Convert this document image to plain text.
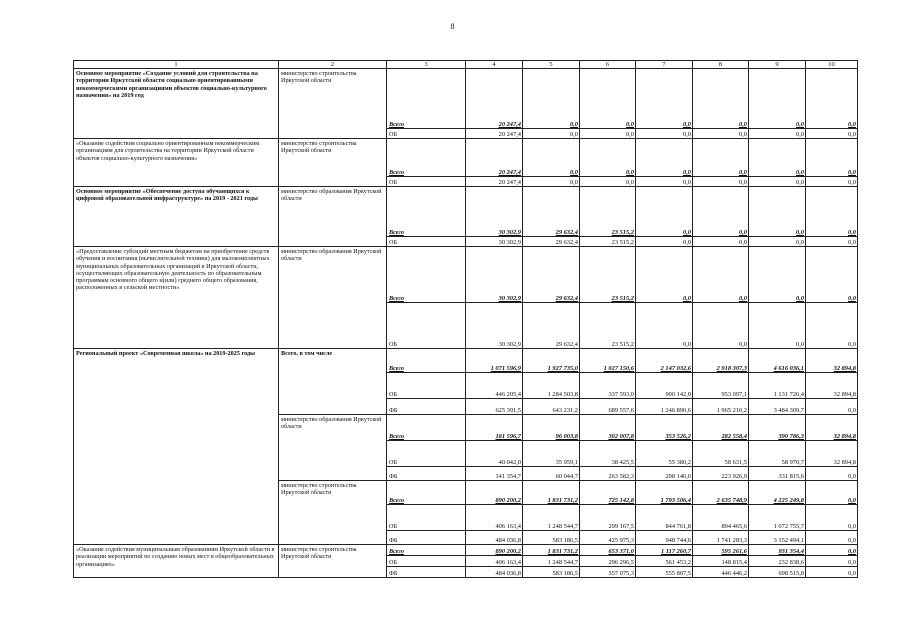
8
1	2	3	4	5	6	7	8	9	10
Основное мероприятие «Создание условий для строительства на территории Иркутской области социально ориентированными некоммерческими организациями объектов социально-культурного назначения» на 2019 год	министерство строительства Иркутской области	Всего	20 247,4	0,0	0,0	0,0	0,0	0,0	0,0
		ОБ	20 247,4	0,0	0,0	0,0	0,0	0,0	0,0
«Оказание содействия социально ориентированным некоммерческим организациям для строительства на территории Иркутской области объектов социально-культурного назначения»	министерство строительства Иркутской области	Всего	20 247,4	0,0	0,0	0,0	0,0	0,0	0,0
		ОБ	20 247,4	0,0	0,0	0,0	0,0	0,0	0,0
Основное мероприятие «Обеспечение доступа обучающихся к цифровой образовательной инфраструктуре» на 2019 - 2021 годы	министерство образования Иркутской области	Всего	30 302,9	29 632,4	23 515,2	0,0	0,0	0,0	0,0
		ОБ	30 302,9	29 632,4	23 515,2	0,0	0,0	0,0	0,0
«Предоставление субсидий местным бюджетам на приобретение средств обучения и воспитания (вычислительной техники) для малокомплектных муниципальных образовательных организаций в Иркутской области, осуществляющих образовательную деятельность по образовательным программам основного общего и(или) среднего общего образования, расположенных в сельской местности»	министерство образования Иркутской области	Всего	30 302,9	29 632,4	23 515,2	0,0	0,0	0,0	0,0
		ОБ	30 302,9	29 632,4	23 515,2	0,0	0,0	0,0	0,0
Региональный проект «Современная школа» на 2019-2025 годы	Всего, в том числе	Всего	1 071 596,9	1 927 735,0	1 027 150,6	2 147 032,6	2 918 307,3	4 616 036,1	32 894,8
		ОБ	446 205,4	1 284 503,8	337 593,0	900 142,0	953 097,1	1 131 726,4	32 894,8
		ФБ	625 391,5	643 231,2	689 557,6	1 246 890,6	1 965 210,2	3 484 309,7	0,0
	министерство образования Иркутской области	Всего	181 596,7	96 003,8	302 007,8	353 526,2	282 558,4	390 786,3	32 894,8
		ОБ	40 042,0	35 959,1	38 425,5	55 380,2	58 631,5	58 970,7	32 894,8
		ФБ	141 354,7	60 044,7	263 582,3	298 146,0	223 926,9	331 815,6	0,0
	министерство строительства Иркутской области	Всего	890 200,2	1 831 731,2	725 142,8	1 793 506,4	2 635 748,9	4 225 249,8	0,0
		ОБ	406 163,4	1 248 544,7	299 167,5	844 761,8	894 465,6	1 072 755,7	0,0
		ФБ	484 036,8	583 186,5	425 975,3	948 744,6	1 741 283,3	3 152 494,1	0,0
«Оказание содействия муниципальным образованиям Иркутской области в реализации мероприятий по созданию новых мест в общеобразовательных организациях»	министерство строительства Иркутской области	Всего	890 200,2	1 831 731,2	653 371,0	1 117 260,7	595 261,6	931 354,4	0,0
		ОБ	406 163,4	1 248 544,7	296 296,5	561 453,2	148 815,4	232 838,6	0,0
		ФБ	484 036,8	583 186,5	357 075,3	555 807,5	446 446,2	698 515,8	0,0
